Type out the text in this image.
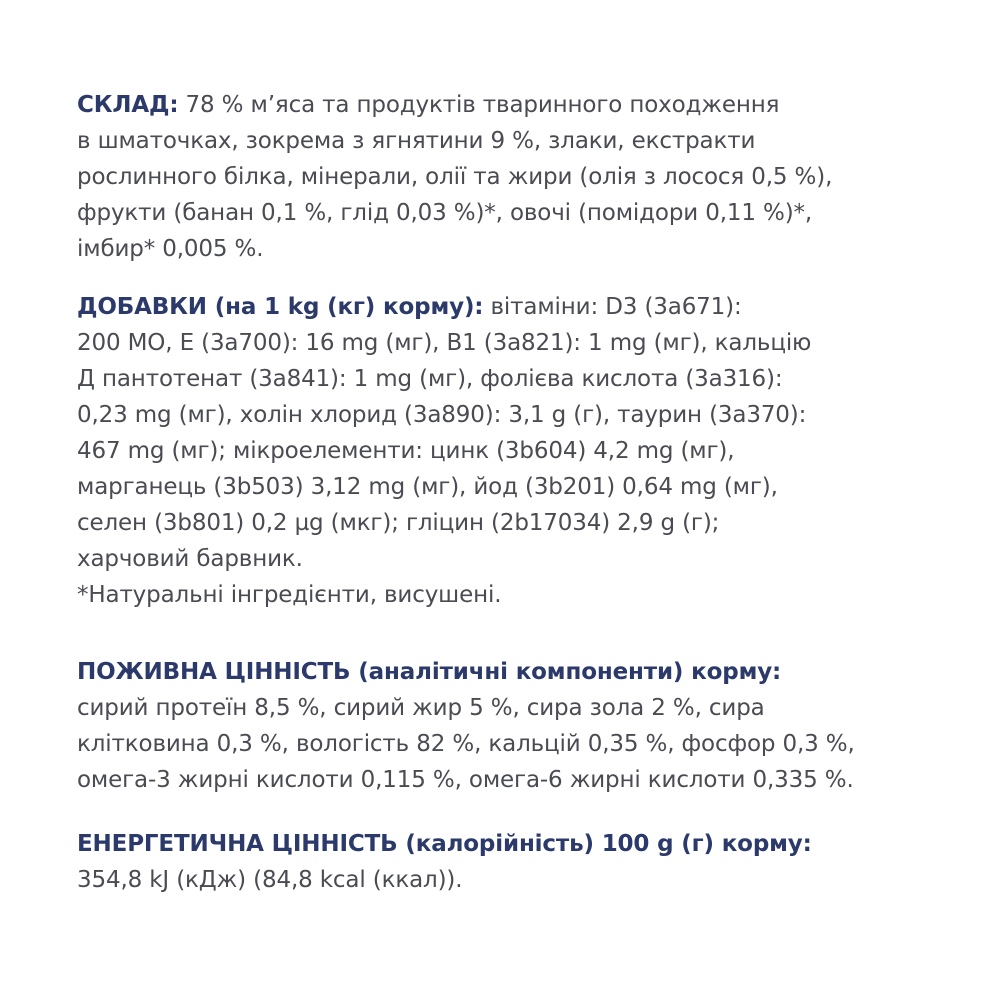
СКЛАД: 78 % м’яса та продуктів тваринного походження
в шматочках, зокрема з ягнятини 9 %, злаки, екстракти
рослинного білка, мінерали, олії та жири (олія з лосося 0,5 %),
фрукти (банан 0,1 %, глід 0,03 %)*, овочі (помідори 0,11 %)*,
імбир* 0,005 %.
ДОБАВКИ (на 1 kg (кг) корму): вітаміни: D3 (3a671):
200 МО, E (3a700): 16 mg (мг), B1 (3a821): 1 mg (мг), кальцію
Д пантотенат (3a841): 1 mg (мг), фолієва кислота (3a316):
0,23 mg (мг), холін хлорид (3a890): 3,1 g (г), таурин (3a370):
467 mg (мг); мікроелементи: цинк (3b604) 4,2 mg (мг),
марганець (3b503) 3,12 mg (мг), йод (3b201) 0,64 mg (мг),
селен (3b801) 0,2 µg (мкг); гліцин (2b17034) 2,9 g (г);
харчовий барвник.
*Натуральні інгредієнти, висушені.
ПОЖИВНА ЦІННІСТЬ (аналітичні компоненти) корму:
сирий протеїн 8,5 %, сирий жир 5 %, сира зола 2 %, сира
клітковина 0,3 %, вологість 82 %, кальцій 0,35 %, фосфор 0,3 %,
омега-3 жирні кислоти 0,115 %, омега-6 жирні кислоти 0,335 %.
ЕНЕРГЕТИЧНА ЦІННІСТЬ (калорійність) 100 g (г) корму:
354,8 kJ (кДж) (84,8 kcal (ккал)).
